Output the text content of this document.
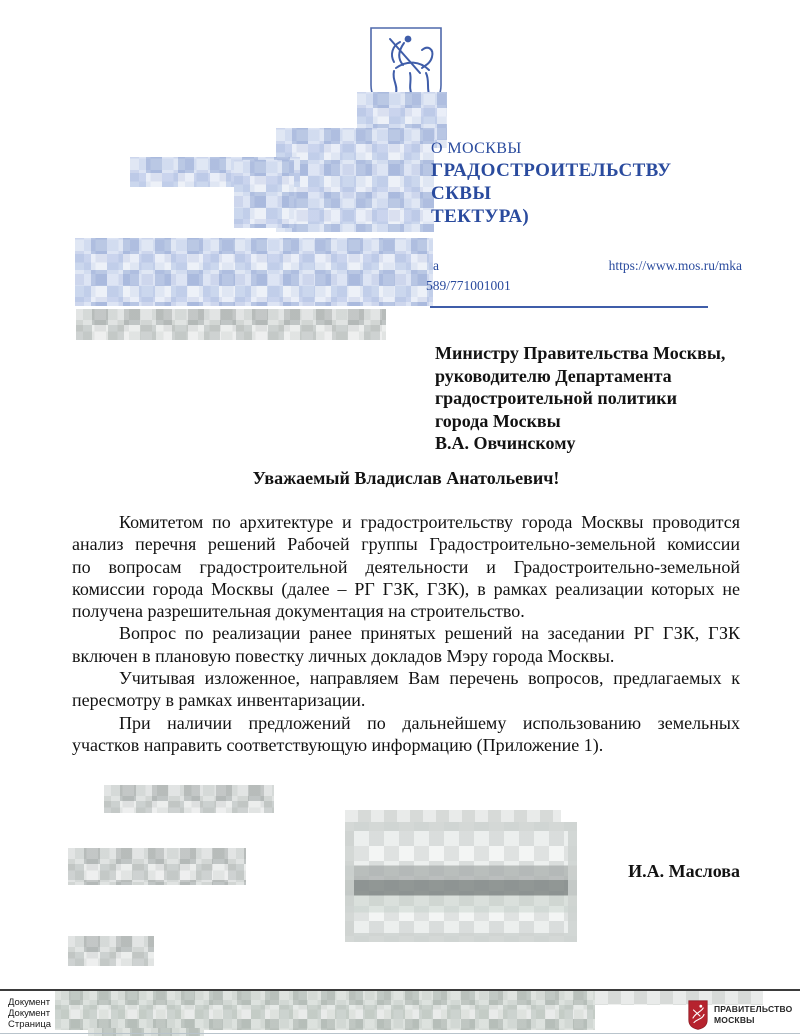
О МОСКВЫ
ГРАДОСТРОИТЕЛЬСТВУ
СКВЫ
ТЕКТУРА)
а	https://www.mos.ru/mka
589/771001001
Министру Правительства Москвы,
руководителю Департамента
градостроительной политики
города Москвы
В.А. Овчинскому
Уважаемый Владислав Анатольевич!
Комитетом по архитектуре и градостроительству города Москвы проводится
анализ перечня решений Рабочей группы Градостроительно-земельной комиссии
по вопросам градостроительной деятельности и Градостроительно-земельной
комиссии города Москвы (далее – РГ ГЗК, ГЗК), в рамках реализации которых не
получена разрешительная документация на строительство.
Вопрос по реализации ранее принятых решений на заседании РГ ГЗК, ГЗК
включен в плановую повестку личных докладов Мэру города Москвы.
Учитывая изложенное, направляем Вам перечень вопросов, предлагаемых к
пересмотру в рамках инвентаризации.
При наличии предложений по дальнейшему использованию земельных
участков направить соответствующую информацию (Приложение 1).
И.А. Маслова
Документ
Документ
Страница
ПРАВИТЕЛЬСТВО
МОСКВЫ
